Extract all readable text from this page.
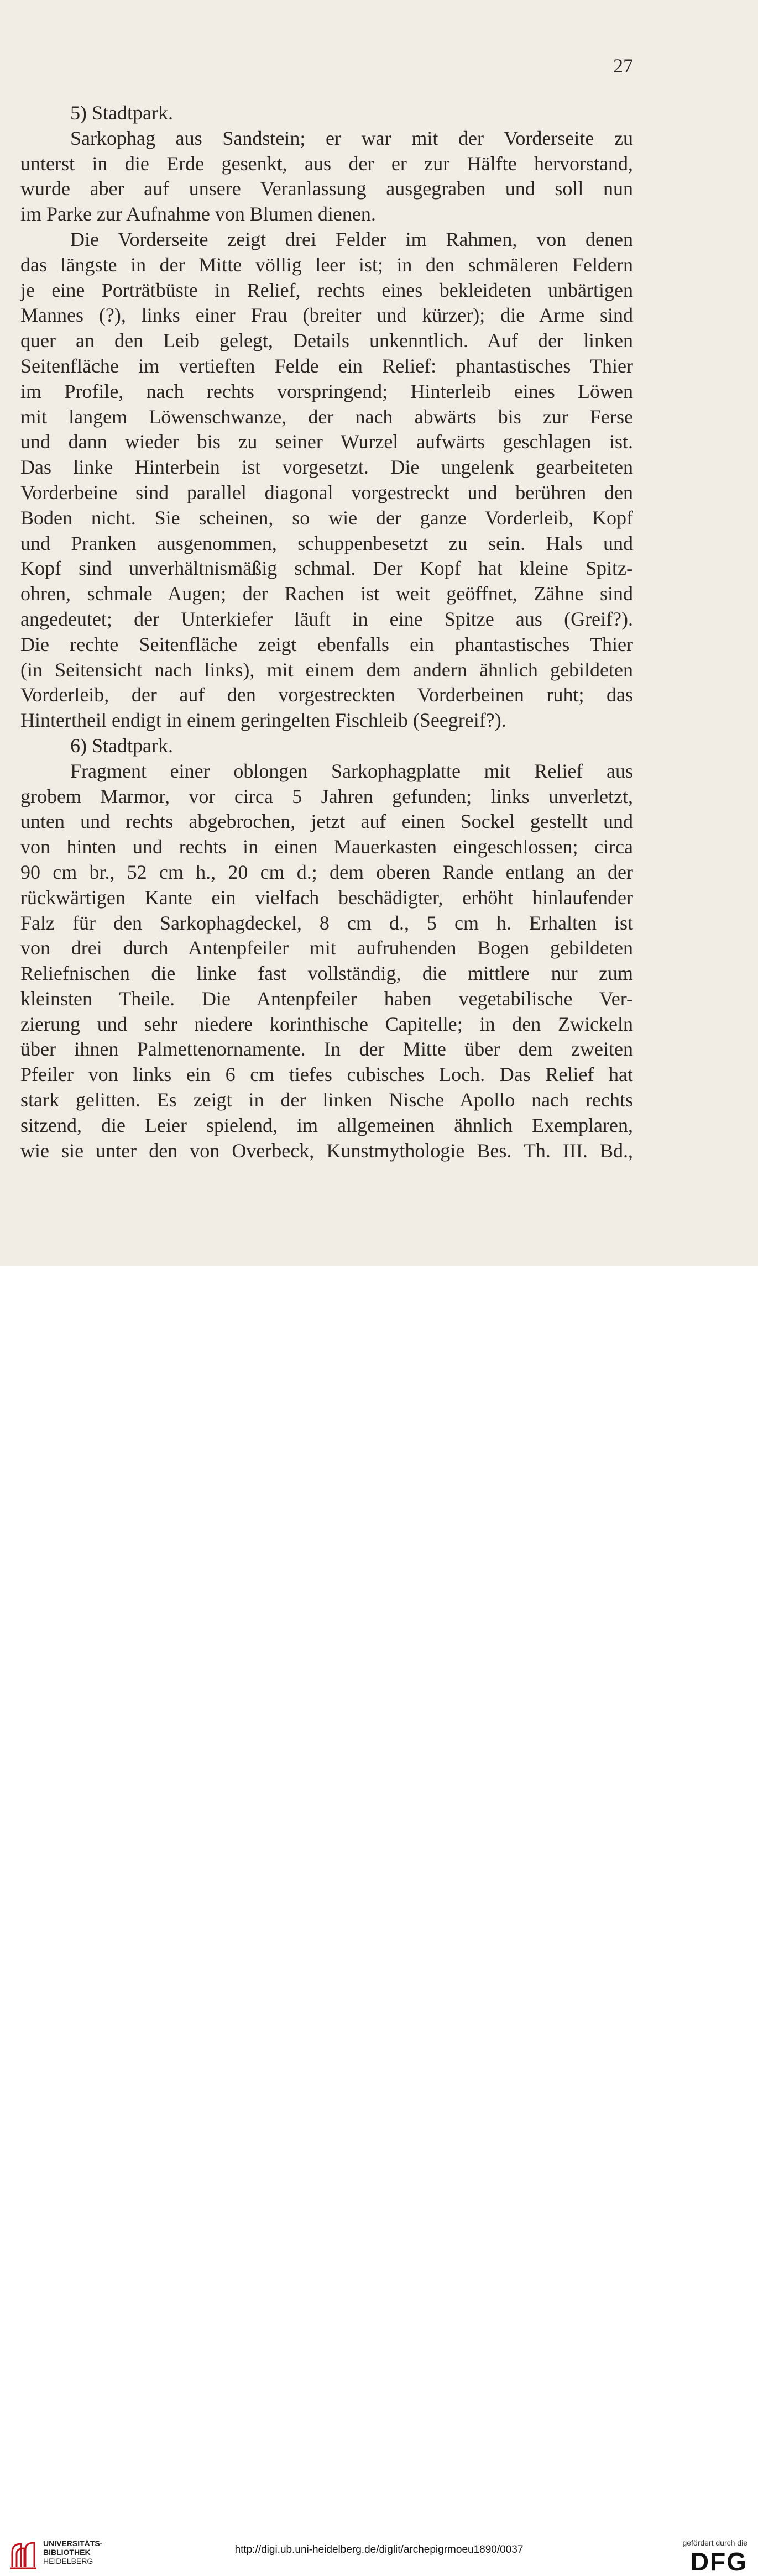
27
5) Stadtpark.
Sarkophag aus Sandstein; er war mit der Vorderseite zu
unterst in die Erde gesenkt, aus der er zur Hälfte hervorstand,
wurde aber auf unsere Veranlassung ausgegraben und soll nun
im Parke zur Aufnahme von Blumen dienen.
Die Vorderseite zeigt drei Felder im Rahmen, von denen
das längste in der Mitte völlig leer ist; in den schmäleren Feldern
je eine Porträtbüste in Relief, rechts eines bekleideten unbärtigen
Mannes (?), links einer Frau (breiter und kürzer); die Arme sind
quer an den Leib gelegt, Details unkenntlich. Auf der linken
Seitenfläche im vertieften Felde ein Relief: phantastisches Thier
im Profile, nach rechts vorspringend; Hinterleib eines Löwen
mit langem Löwenschwanze, der nach abwärts bis zur Ferse
und dann wieder bis zu seiner Wurzel aufwärts geschlagen ist.
Das linke Hinterbein ist vorgesetzt. Die ungelenk gearbeiteten
Vorderbeine sind parallel diagonal vorgestreckt und berühren den
Boden nicht. Sie scheinen, so wie der ganze Vorderleib, Kopf
und Pranken ausgenommen, schuppenbesetzt zu sein. Hals und
Kopf sind unverhältnismäßig schmal. Der Kopf hat kleine Spitz-
ohren, schmale Augen; der Rachen ist weit geöffnet, Zähne sind
angedeutet; der Unterkiefer läuft in eine Spitze aus (Greif?).
Die rechte Seitenfläche zeigt ebenfalls ein phantastisches Thier
(in Seitensicht nach links), mit einem dem andern ähnlich gebildeten
Vorderleib, der auf den vorgestreckten Vorderbeinen ruht; das
Hintertheil endigt in einem geringelten Fischleib (Seegreif?).
6) Stadtpark.
Fragment einer oblongen Sarkophagplatte mit Relief aus
grobem Marmor, vor circa 5 Jahren gefunden; links unverletzt,
unten und rechts abgebrochen, jetzt auf einen Sockel gestellt und
von hinten und rechts in einen Mauerkasten eingeschlossen; circa
90 cm br., 52 cm h., 20 cm d.; dem oberen Rande entlang an der
rückwärtigen Kante ein vielfach beschädigter, erhöht hinlaufender
Falz für den Sarkophagdeckel, 8 cm d., 5 cm h. Erhalten ist
von drei durch Antenpfeiler mit aufruhenden Bogen gebildeten
Reliefnischen die linke fast vollständig, die mittlere nur zum
kleinsten Theile. Die Antenpfeiler haben vegetabilische Ver-
zierung und sehr niedere korinthische Capitelle; in den Zwickeln
über ihnen Palmettenornamente. In der Mitte über dem zweiten
Pfeiler von links ein 6 cm tiefes cubisches Loch. Das Relief hat
stark gelitten. Es zeigt in der linken Nische Apollo nach rechts
sitzend, die Leier spielend, im allgemeinen ähnlich Exemplaren,
wie sie unter den von Overbeck, Kunstmythologie Bes. Th. III. Bd.,
UNIVERSITÄTS-
BIBLIOTHEK
HEIDELBERG
http://digi.ub.uni-heidelberg.de/diglit/archepigrmoeu1890/0037
gefördert durch die
DFG
